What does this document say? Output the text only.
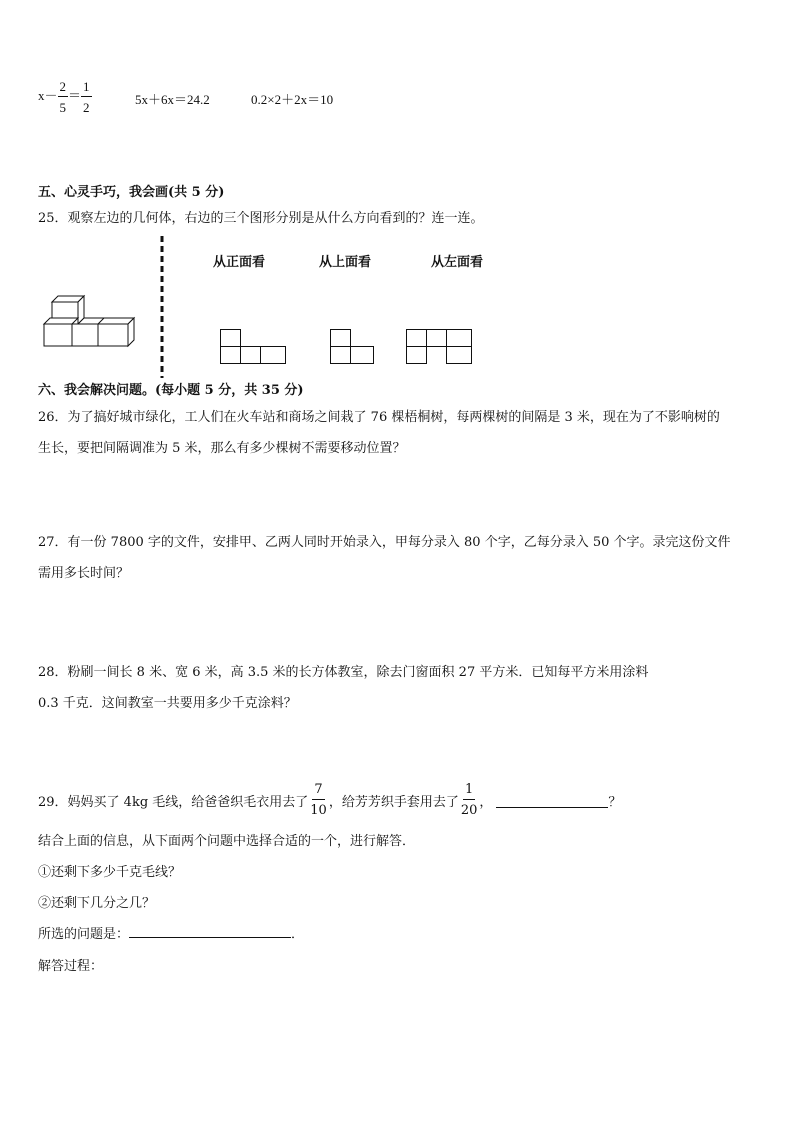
$x- \frac{2}{5} = \frac{1}{2}$	5x＋6x＝24.2	0.2×2＋2x＝10
五、心灵手巧，我会画(共 5 分)
25．观察左边的几何体，右边的三个图形分别是从什么方向看到的？连一连。
从正面看	从上面看	从左面看
六、我会解决问题。(每小题 5 分，共 35 分)
26．为了搞好城市绿化，工人们在火车站和商场之间栽了 76 棵梧桐树，每两棵树的间隔是 3 米，现在为了不影响树的
生长，要把间隔调准为 5 米，那么有多少棵树不需要移动位置？
27．有一份 7800 字的文件，安排甲、乙两人同时开始录入，甲每分录入 80 个字，乙每分录入 50 个字。录完这份文件
需用多长时间？
28．粉刷一间长 8 米、宽 6 米，高 3.5 米的长方体教室，除去门窗面积 27 平方米．已知每平方米用涂料
0.3 千克．这间教室一共要用多少千克涂料？
29．妈妈买了 4kg 毛线，给爸爸织毛衣用去了 $\frac{7}{10}$ ，给芳芳织手套用去了 $\frac{1}{20}$ ，	？
结合上面的信息，从下面两个问题中选择合适的一个，进行解答．
①还剩下多少千克毛线？
②还剩下几分之几？
所选的问题是：	．
解答过程：
